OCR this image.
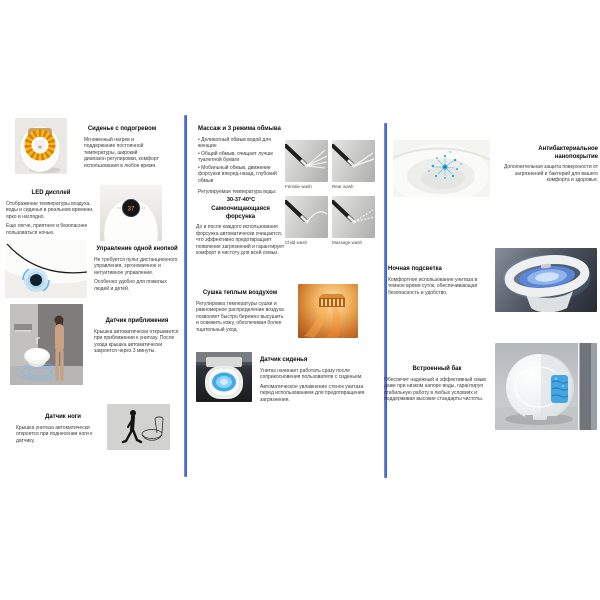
Сиденье с подогревом

Мгновенный нагрев и поддержание постоянной температуры, широкий диапазон регулировки, комфорт использования в любое время.

LED дисплей

Отображение температуры воздуха, воды и сиденья в реальном времени, ярко и наглядно.

Еще легче, приятнее и безопаснее пользоваться ночью.

37
Управление одной кнопкой

Не требуется пульт дистанционного управления, эргономичное и интуитивное управление.

Особенно удобно для пожилых людей и детей.

Датчик приближения

Крышка автоматически открывается при приближении к унитазу. После ухода крышка автоматически закроется через 3 минуты.

Датчик ноги

Крышка унитаза автоматически откроется при поднесении ноги к датчику.

Массаж и 3 режима обмыва

• Деликатный обмыв водой для женщин

• Общий обмыв, очищает лучше туалетной бумаги

• Мобильный обмыв, движение форсунки вперед-назад, глубокий обмыв

Регулируемая температура воды:

30-37-40°C
Female wash	Rear wash
Child wash	Massage wash
Самоочищающаяся форсунка

До и после каждого использования форсунка автоматически очищается, что эффективно предотвращает появление загрязнений и гарантирует комфорт и чистоту для всей семьи.

Сушка теплым воздухом

Регулировка температуры сушки и равномерное распределение воздуха позволяет быстро бережно высушить и освежить кожу, обеспечивая более тщательный уход.

Датчик сиденья

Унитаз начинает работать сразу после соприкосновения пользователя с сиденьем.

Автоматическое увлажнение стенок унитаза перед использованием для предотвращения загрязнения.

Антибактериальное нанопокрытие

Дополнительная защита поверхности от загрязнений и бактерий для вашего комфорта и здоровья.

Ночная подсветка

Комфортное использование унитаза в темное время суток, обеспечивающая безопасность и удобство.

Встроенный бак

Обеспечит надежный и эффективный смыв даже при низком напоре воды, гарантируя стабильную работу в любых условиях и поддерживая высокие стандарты чистоты.
